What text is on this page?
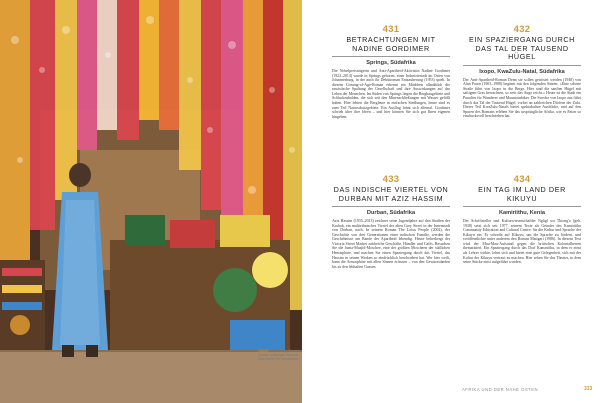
LINKS: In der Grey Street in Durban sorgt Aziz Hassims Geschichte für Atmosphäre
431
BETRACHTUNGEN MIT NADINE GORDIMER
Springs, Südafrika

Die Nobelpreisträgerin und Anti-Apartheid-Aktivistin Nadine Gordimer (1923–2014) wurde in Springs geboren, einer Industriestadt im Osten von Johannesburg, in der auch ihr Debütroman Entzauberung (1953) spielt. In diesem Coming-of-Age-Roman erkennt ein Mädchen allmählich die rassistische Spaltung der Gesellschaft und ihre Auswirkungen auf das Leben der Menschen. Im Süden von Springs liegen die Bergbaugebiete und Schlackenhalden, die sich seit den Minenschließungen mit Wasser gefüllt haben. Hier lebten die Bergleute in einfachen Siedlungen, heute sind es zum Teil Naturschutzgebiete. Ein Ausflug lohnt sich allemal. Gordimer schrieb über ihre Ideen – und hier können Sie sich gut Ihren eigenen hingeben.

432
EIN SPAZIERGANG DURCH DAS TAL DER TAUSEND HÜGEL
Ixopo, KwaZulu-Natal, Südafrika

Der Anti-Apartheid-Roman Denn sie sollen getröstet werden (1948) von Alan Paton (1903–1988) beginnt mit den folgenden Sätzen: »Eine schöne Straße führt von Ixopo in die Berge. Hier sind die sanften Hügel mit saftigem Gras bewachsen, so weit das Auge reicht.« Heute ist die Stadt ein Paradies für Wanderer und Mountainbiker. Die Strecke von Ixopo aus führt durch das Tal der Tausend Hügel, vorbei an zahlreichen Dörfern der Zulu. Dieser Teil KwaZulu-Natals bietet spektakuläre Ausblicke, und auf den Spuren des Romans erleben Sie das ursprüngliche Afrika, wie es Paton so eindrucksvoll beschrieben hat.

433
DAS INDISCHE VIERTEL VON DURBAN MIT AZIZ HASSIM
Durban, Südafrika

Aziz Hassim (1935–2013) zeichnet seine Jugendjahre auf den Straßen der Kasbah, ein multiethnisches Viertel der alten Grey Street in der Innenstadt von Durban, nach. In seinem Roman The Lotus People (2002), der Geschichte von drei Generationen einer indischen Familie, werden die Geschehnisse am Rande der Apartheid lebendig. Heute beherbergt der Victoria Street Market zahlreiche Geschäfte, Händler und Cafés. Besuchen Sie die Juma-Musjid-Moschee, eine der größten Moscheen der südlichen Hemisphäre, und machen Sie einen Spaziergang durch das Viertel, das Hassim in seinen Werken so eindrücklich beschrieben hat. Wer hier weilt, kann die Atmosphäre mit allen Sinnen erfassen – von den Gewürzständen bis zu den lebhaften Gassen.

434
EIN TAG IM LAND DER KIKUYU
Kamiriithu, Kenia

Der Schriftsteller und Kulturwissenschaftler Ngũgĩ wa Thiong'o (geb. 1938) setzt sich seit 1977, seinem Texte als Gründer des Kamiriithu Community Education and Cultural Centre, für die Kultur und Sprache der Kikuyu ein. Er schreibt auf Kikuyu, um die Sprache zu fördern, und veröffentlichte unter anderem den Roman Matigari (1986). In diesem Text wird der Mau-Mau-Aufstand gegen die britischen Kolonialherren thematisiert. Ein Spaziergang durch das Dorf Kamiriithu, in dem er einst als Lehrer wirkte, lohnt sich und bietet eine gute Gelegenheit, sich mit der Kultur der Kikuyu vertraut zu machen. Hier sehen Sie das Theater, in dem seine Stücke einst aufgeführt wurden.

AFRIKA UND DER NAHE OSTEN	333
